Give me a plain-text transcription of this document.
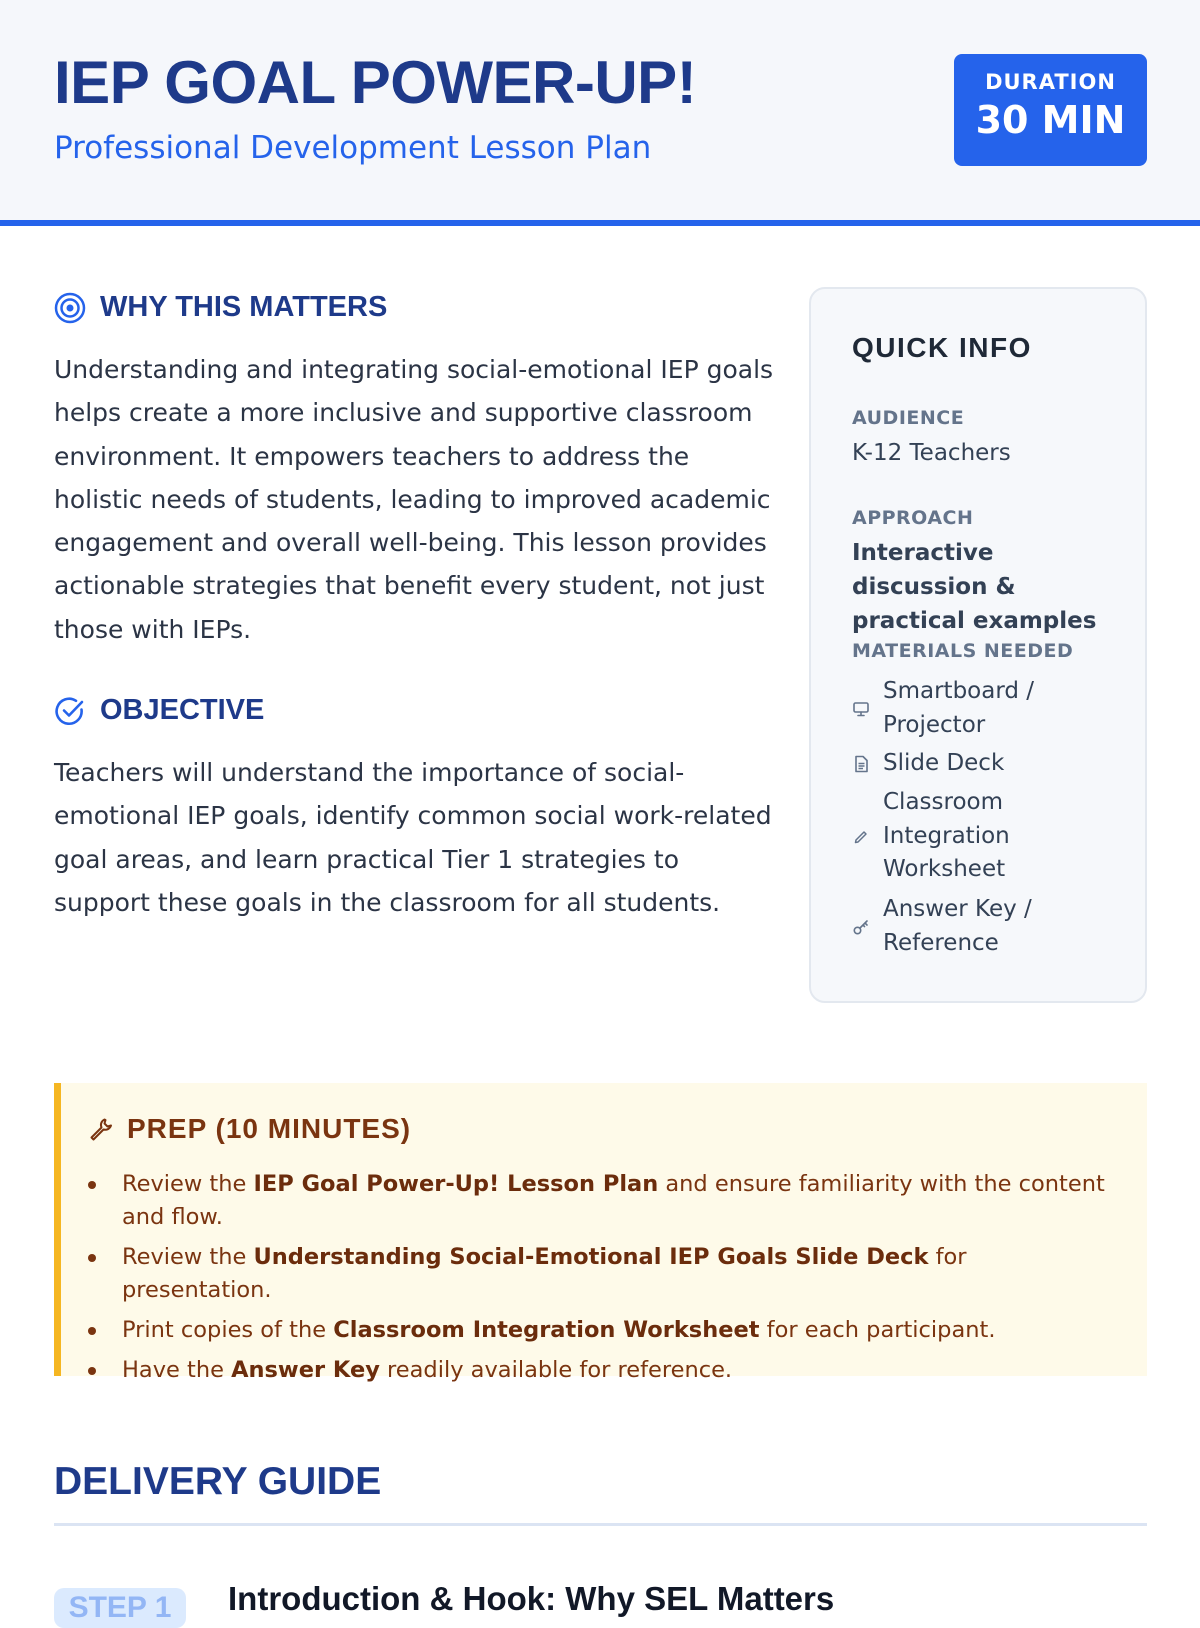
IEP GOAL POWER-UP!

Professional Development Lesson Plan

DURATION
30 MIN
WHY THIS MATTERS

Understanding and integrating social-emotional IEP goals helps create a more inclusive and supportive classroom environment. It empowers teachers to address the holistic needs of students, leading to improved academic engagement and overall well-being. This lesson provides actionable strategies that benefit every student, not just those with IEPs.

OBJECTIVE

Teachers will understand the importance of social-emotional IEP goals, identify common social work-related goal areas, and learn practical Tier 1 strategies to support these goals in the classroom for all students.

QUICK INFO
AUDIENCE
K-12 Teachers
APPROACH
Interactive discussion & practical examples
MATERIALS NEEDED
Smartboard / Projector
Slide Deck
Classroom Integration Worksheet
Answer Key / Reference
PREP (10 MINUTES)
Review the IEP Goal Power-Up! Lesson Plan and ensure familiarity with the content and flow.
Review the Understanding Social-Emotional IEP Goals Slide Deck for presentation.
Print copies of the Classroom Integration Worksheet for each participant.
Have the Answer Key readily available for reference.
DELIVERY GUIDE
STEP 1	Introduction & Hook: Why SEL Matters
